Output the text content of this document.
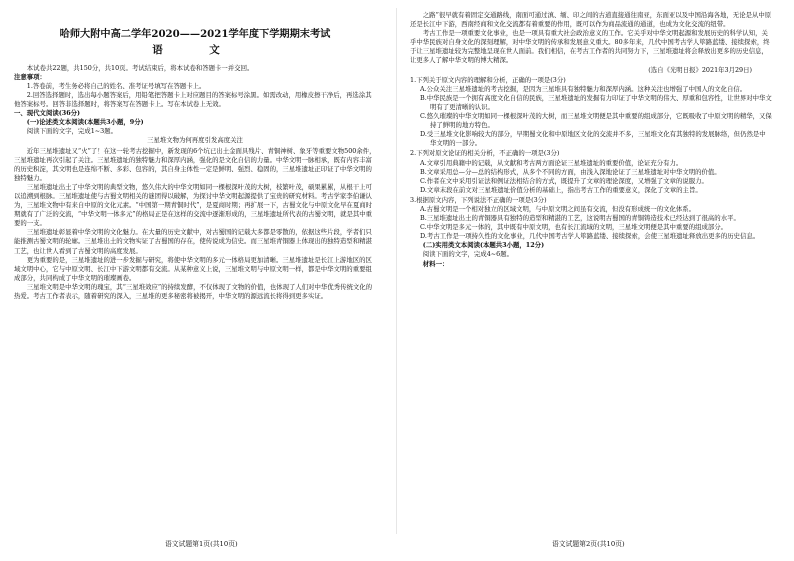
哈师大附中高二学年2020——2021学年度下学期期末考试
语　文

本试卷共22题，共150分，共10页。考试结束后，将本试卷和答题卡一并交回。

注意事项：

1.答卷前，考生务必将自己的姓名、准考证号填写在答题卡上。

2.回答选择题时，选出每小题答案后，用铅笔把答题卡上对应题目的答案标号涂黑。如需改动，用橡皮擦干净后，再选涂其他答案标号。回答非选择题时，将答案写在答题卡上。写在本试卷上无效。

一、现代文阅读(36分)

(一)论述类文本阅读(本题共3小题，9分)

阅读下面的文字，完成1~3题。

三星堆文物为何再度引发高度关注

近年三星堆遗址又“火”了！在这一轮考古挖掘中，新发现的6个坑已出土金面具残片、青铜神树、象牙等重要文物500余件，三星堆遗址再次引起了关注。三星堆遗址的独特魅力和深厚内涵，强化的是文化自信的力量。中华文明一脉相承，既有内容丰富的历史积淀，其文明也是连绵不断、多彩、包容的，其自身主体性一定是鲜明、强烈、稳固的，三星堆遗址正印证了中华文明的独特魅力。

三星堆遗址出土了中华文明的典型文物，悠久伟大的中华文明如同一棵根深叶茂的大树，枝繁叶茂，硕果累累，从根干上可以追溯到根脉。三星堆遗址使与古蜀文明相关的谜团得以破解，为探讨中华文明起源提供了宝贵的研究材料。考古学家李伯谦认为，三星堆文物中有来自中原的文化元素。“中国第一期青铜时代”，是夏商时期；再扩展一下，古蜀文化与中原文化早在夏商时期就有了广泛的交流，“中华文明一体多元”的格局正是在这样的交流中逐渐形成的，三星堆遗址所代表的古蜀文明，就是其中重要的一支。

三星堆遗址彰显着中华文明的文化魅力。在大量的历史文献中，对古蜀国的记载大多都是零散的，依据这些片段，学者们只能推测古蜀文明的轮廓。三星堆出土的文物实证了古蜀国的存在，使传说成为信史。而三星堆青铜器上体现出的独特造型和精湛工艺，也让世人看到了古蜀文明的高度发展。

更为重要的是，三星堆遗址的进一步发掘与研究，将使中华文明的多元一体格局更加清晰。三星堆遗址是长江上游地区的区域文明中心，它与中原文明、长江中下游文明都有交流。从某种意义上说，三星堆文明与中原文明一样，都是中华文明的重要组成部分，共同构成了中华文明的璀璨画卷。

三星堆文明是中华文明的瑰宝，其“三星堆效应”的持续发酵，不仅体现了文物的价值，也体现了人们对中华优秀传统文化的热爱。考古工作者表示，随着研究的深入，三星堆的更多秘密将被揭开，中华文明的源远流长将得到更多实证。

之路”很早就有着固定交通路线，南面可通过滇、缅、印之间的古道直接通往南亚，东面亚以及中国沿海各地，无论是从中原还是长江中下游，西南经商和文化交流都有着重要的作用，既可以作为商品流通的通道，也成为文化交流的纽带。

考古工作是一项重要文化事业，也是一项具有重大社会政治意义的工作。它关乎对中华文明起源和发展历史的科学认知，关乎中华民族对自身文化的深刻理解，对中华文明的传承和发展意义重大。80多年来，几代中国考古学人筚路蓝缕、接续探索，终于让三星堆遗址较为完整地呈现在世人面前。我们相信，在考古工作者的共同努力下，三星堆遗址将会释放出更多的历史信息，让更多人了解中华文明的博大精深。

(选自《光明日报》2021年3月29日)

1.下列关于原文内容的理解和分析，正确的一项是(3分)

A.公众关注三星堆遗址的考古挖掘，是因为三星堆具有独特魅力和深厚内涵。这种关注也增强了中国人的文化自信。

B.中华民族是一个拥有高度文化自信的民族，三星堆遗址的发掘有力印证了中华文明的伟大、厚重和包容性，让世界对中华文明有了更清晰的认识。

C.悠久璀璨的中华文明如同一棵根深叶茂的大树，而三星堆文明便是其中重要的组成部分，它既吸收了中原文明的精华，又保持了鲜明的地方特色。

D.受三星堆文化影响较大的部分，早期蜀文化和中原地区文化的交流并不多，三星堆文化有其独特的发展脉络，但仍然是中华文明的一部分。

2.下列对原文论证的相关分析，不正确的一项是(3分)

A.文章引用典籍中的记载，从文献和考古两方面论证三星堆遗址的重要价值，论证充分有力。

B.文章采用总—分—总的结构形式，从多个不同的方面，由浅入深地论证了三星堆遗址对中华文明的价值。

C.作者在文中采用引证法和例证法相结合的方式，既提升了文章的理论深度，又增强了文章的说服力。

D.文章末段在前文对三星堆遗址价值分析的基础上，指出考古工作的重要意义，深化了文章的主旨。

3.根据原文内容，下列说法不正确的一项是(3分)

A.古蜀文明是一个相对独立的区域文明，与中原文明之间虽有交流，但没有形成统一的文化体系。

B.三星堆遗址出土的青铜器具有独特的造型和精湛的工艺，这说明古蜀国的青铜铸造技术已经达到了很高的水平。

C.中华文明是多元一体的，其中既有中原文明，也有长江流域的文明，三星堆文明便是其中重要的组成部分。

D.考古工作是一项持久性的文化事业，几代中国考古学人筚路蓝缕、接续探索，会使三星堆遗址释放出更多的历史信息。

(二)实用类文本阅读(本题共3小题，12分)

阅读下面的文字，完成4~6题。

材料一：

语文试题第1页(共10页)	语文试题第2页(共10页)
